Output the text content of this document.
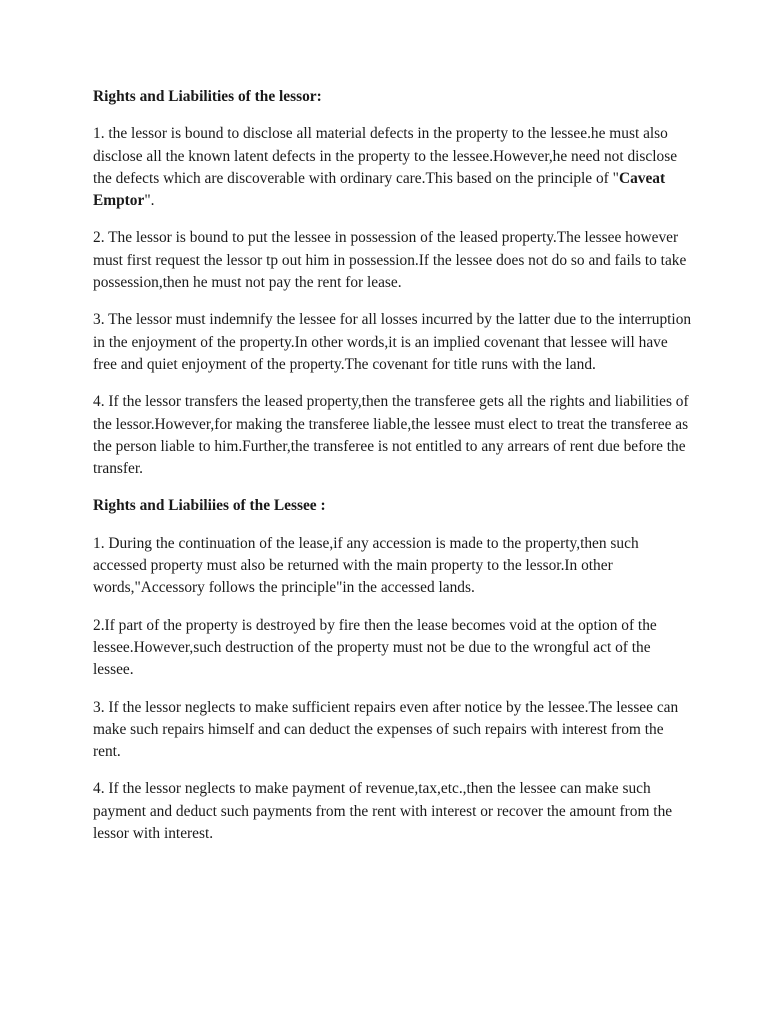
Rights and Liabilities of the lessor:

1. the lessor is bound to disclose all material defects in the property to the lessee.he must also disclose all the known latent defects in the property to the lessee.However,he need not disclose the defects which are discoverable with ordinary care.This based on the principle of "Caveat Emptor".

2. The lessor is bound to put the lessee in possession of the leased property.The lessee however must first request the lessor tp out him in possession.If the lessee does not do so and fails to take possession,then he must not pay the rent for lease.

3. The lessor must indemnify the lessee for all losses incurred by the latter due to the interruption in the enjoyment of the property.In other words,it is an implied covenant that lessee will have free and quiet enjoyment of the property.The covenant for title runs with the land.

4. If the lessor transfers the leased property,then the transferee gets all the rights and liabilities of the lessor.However,for making the transferee liable,the lessee must elect to treat the transferee as the person liable to him.Further,the transferee is not entitled to any arrears of rent due before the transfer.

Rights and Liabiliies of the Lessee :

1. During the continuation of the lease,if any accession is made to the property,then such accessed property must also be returned with the main property to the lessor.In other words,"Accessory follows the principle"in the accessed lands.

2.If part of the property is destroyed by fire then the lease becomes void at the option of the lessee.However,such destruction of the property must not be due to the wrongful act of the lessee.

3. If the lessor neglects to make sufficient repairs even after notice by the lessee.The lessee can make such repairs himself and can deduct the expenses of such repairs with interest from the rent.

4. If the lessor neglects to make payment of revenue,tax,etc.,then the lessee can make such payment and deduct such payments from the rent with interest or recover the amount from the lessor with interest.
